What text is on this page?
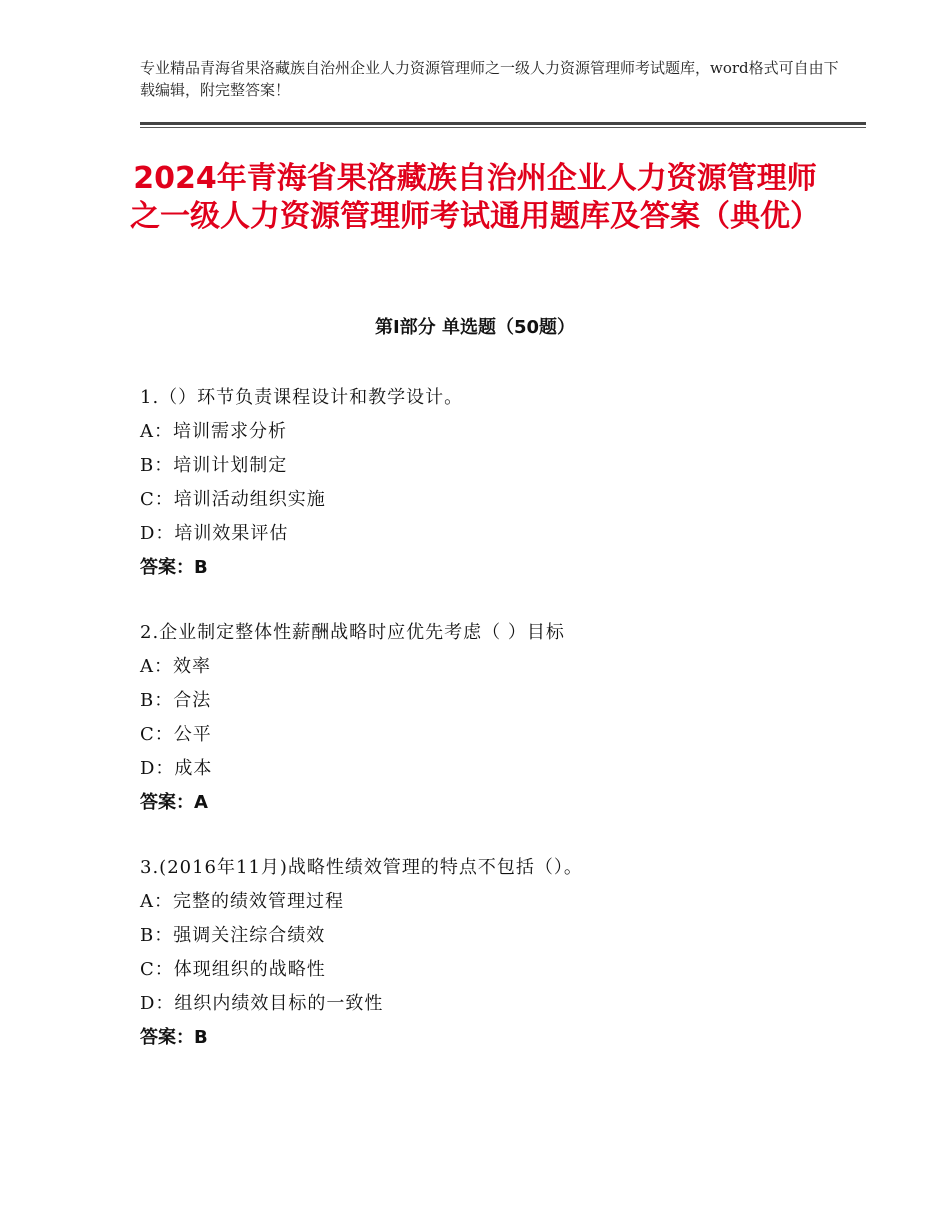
专业精品青海省果洛藏族自治州企业人力资源管理师之一级人力资源管理师考试题库，word格式可自由下载编辑，附完整答案！
2024年青海省果洛藏族自治州企业人力资源管理师之一级人力资源管理师考试通用题库及答案（典优）
第Ⅰ部分 单选题（50题）
1.（）环节负责课程设计和教学设计。
A：培训需求分析
B：培训计划制定
C：培训活动组织实施
D：培训效果评估
答案：B
2.企业制定整体性薪酬战略时应优先考虑（ ）目标
A：效率
B：合法
C：公平
D：成本
答案：A
3.(2016年11月)战略性绩效管理的特点不包括（）。
A：完整的绩效管理过程
B：强调关注综合绩效
C：体现组织的战略性
D：组织内绩效目标的一致性
答案：B
